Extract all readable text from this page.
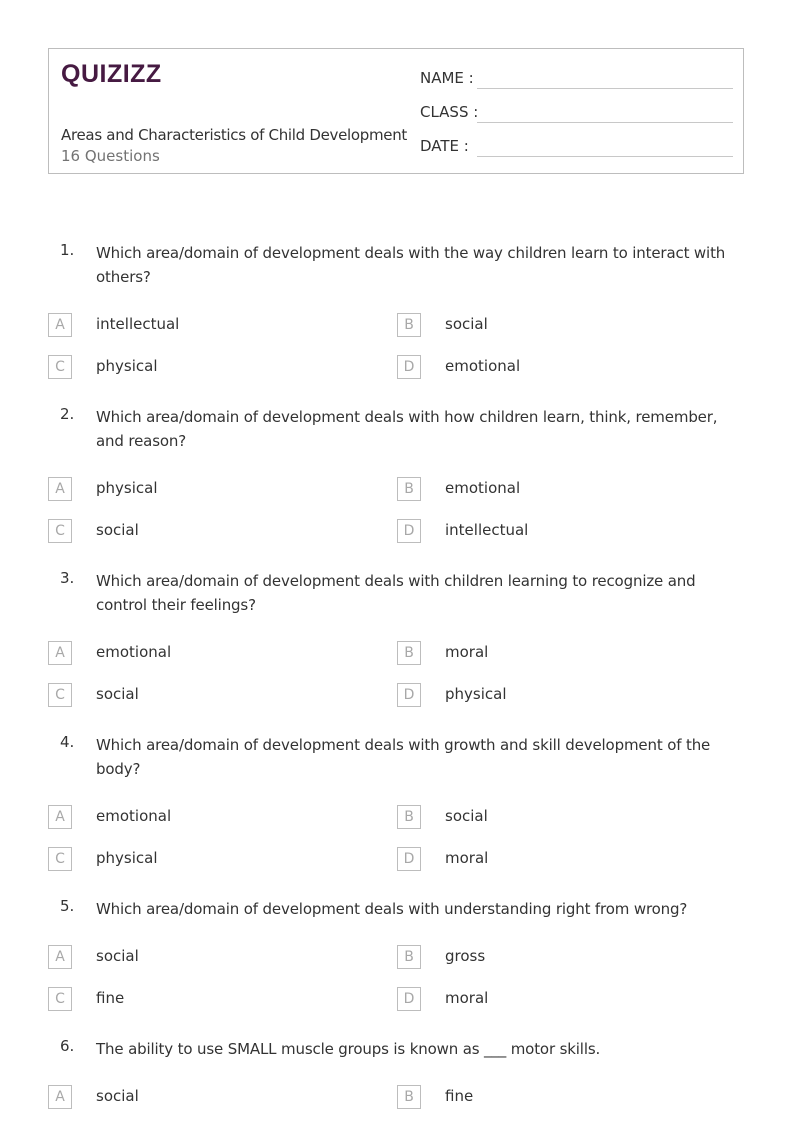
QUIZIZZ
Areas and Characteristics of Child Development
16 Questions
NAME :
CLASS :
DATE :
1. Which area/domain of development deals with the way children learn to interact with others?
A	intellectual	B	social
C	physical	D	emotional
2. Which area/domain of development deals with how children learn, think, remember, and reason?
A	physical	B	emotional
C	social	D	intellectual
3. Which area/domain of development deals with children learning to recognize and control their feelings?
A	emotional	B	moral
C	social	D	physical
4. Which area/domain of development deals with growth and skill development of the body?
A	emotional	B	social
C	physical	D	moral
5. Which area/domain of development deals with understanding right from wrong?
A	social	B	gross
C	fine	D	moral
6. The ability to use SMALL muscle groups is known as ___ motor skills.
A	social	B	fine
